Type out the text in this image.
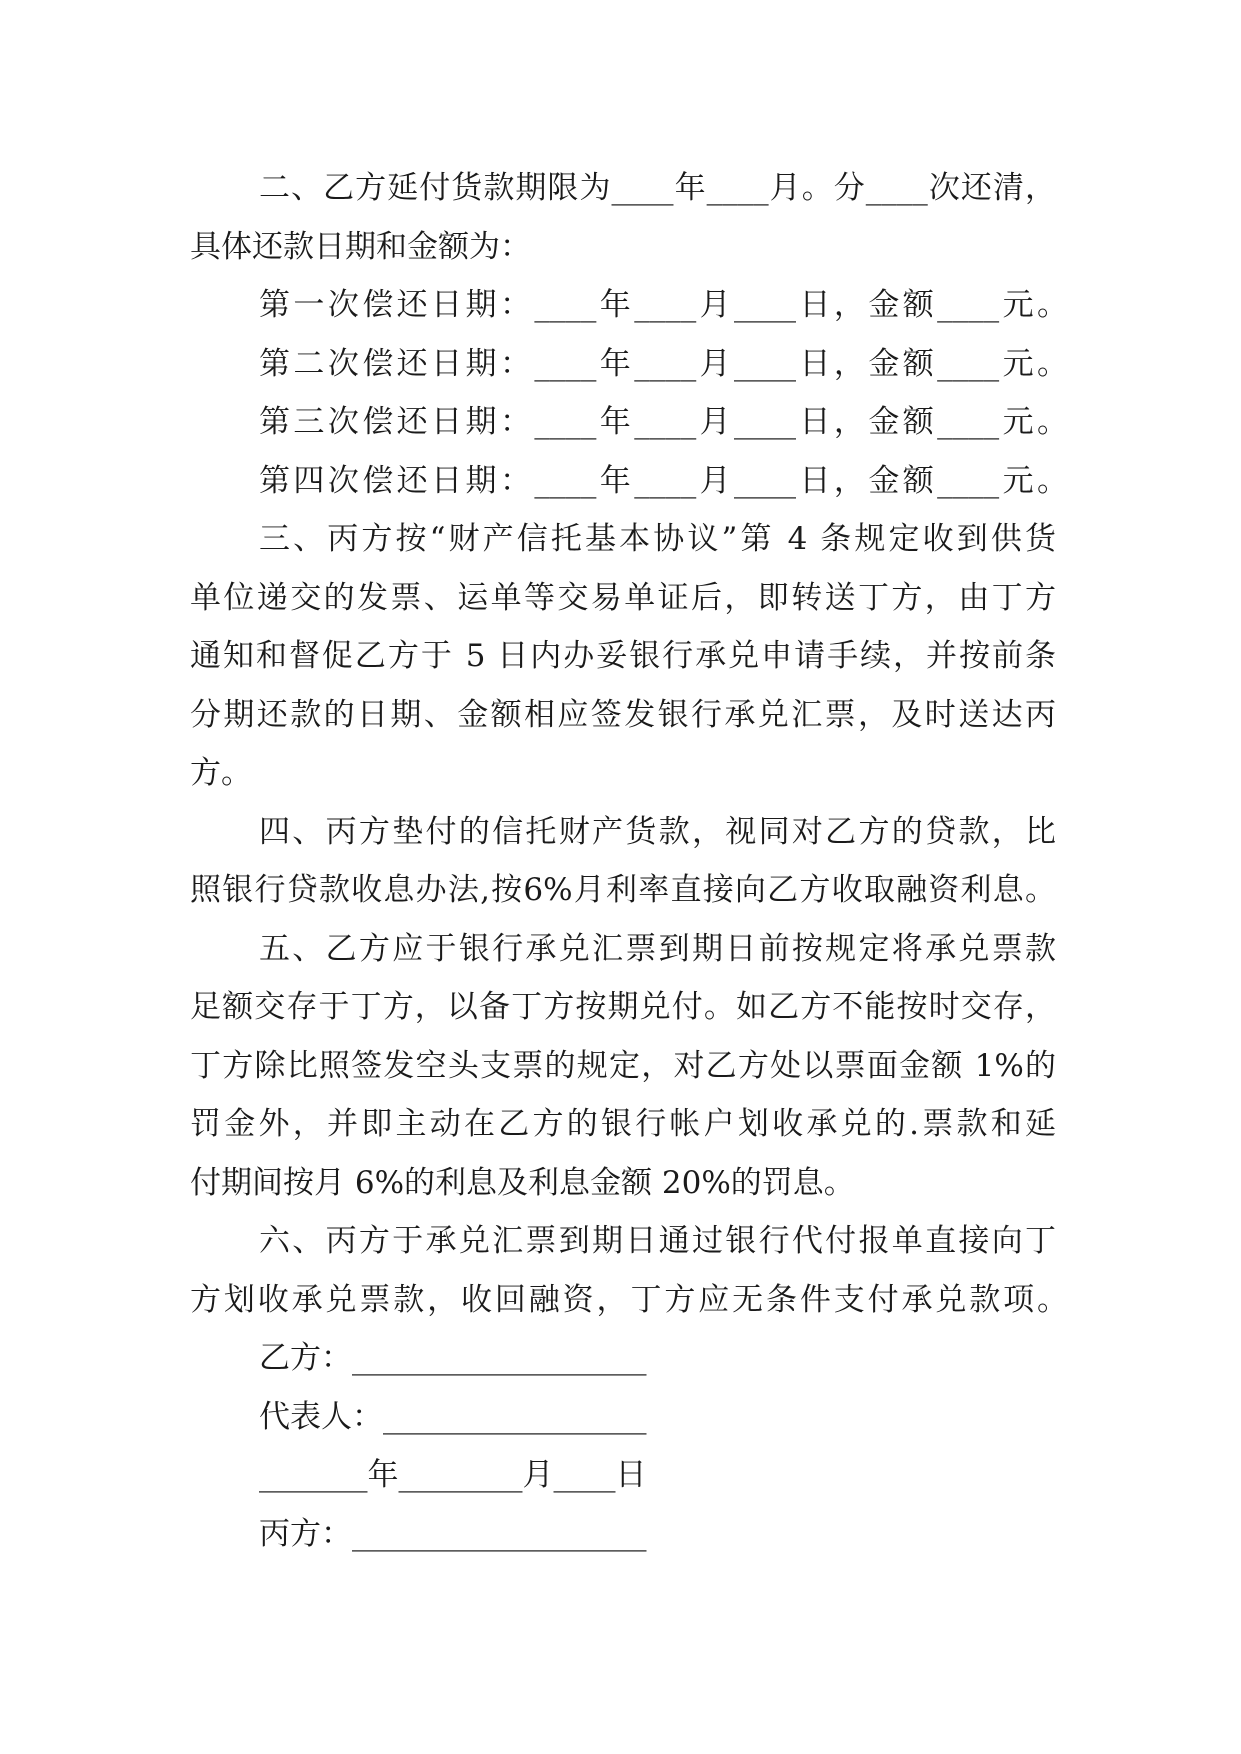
二、乙方延付货款期限为____年____月。分____次还清，
具体还款日期和金额为：
第一次偿还日期：____年____月____日，金额____元。
第二次偿还日期：____年____月____日，金额____元。
第三次偿还日期：____年____月____日，金额____元。
第四次偿还日期：____年____月____日，金额____元。
三、丙方按“财产信托基本协议”第 4 条规定收到供货
单位递交的发票、运单等交易单证后，即转送丁方，由丁方
通知和督促乙方于 5 日内办妥银行承兑申请手续，并按前条
分期还款的日期、金额相应签发银行承兑汇票，及时送达丙
方。
四、丙方垫付的信托财产货款，视同对乙方的贷款，比
照银行贷款收息办法,按6%月利率直接向乙方收取融资利息。
五、乙方应于银行承兑汇票到期日前按规定将承兑票款
足额交存于丁方，以备丁方按期兑付。如乙方不能按时交存，
丁方除比照签发空头支票的规定，对乙方处以票面金额 1%的
罚金外，并即主动在乙方的银行帐户划收承兑的.票款和延
付期间按月 6%的利息及利息金额 20%的罚息。
六、丙方于承兑汇票到期日通过银行代付报单直接向丁
方划收承兑票款，收回融资，丁方应无条件支付承兑款项。
乙方：___________________
代表人：_________________
_______年________月____日
丙方：___________________
